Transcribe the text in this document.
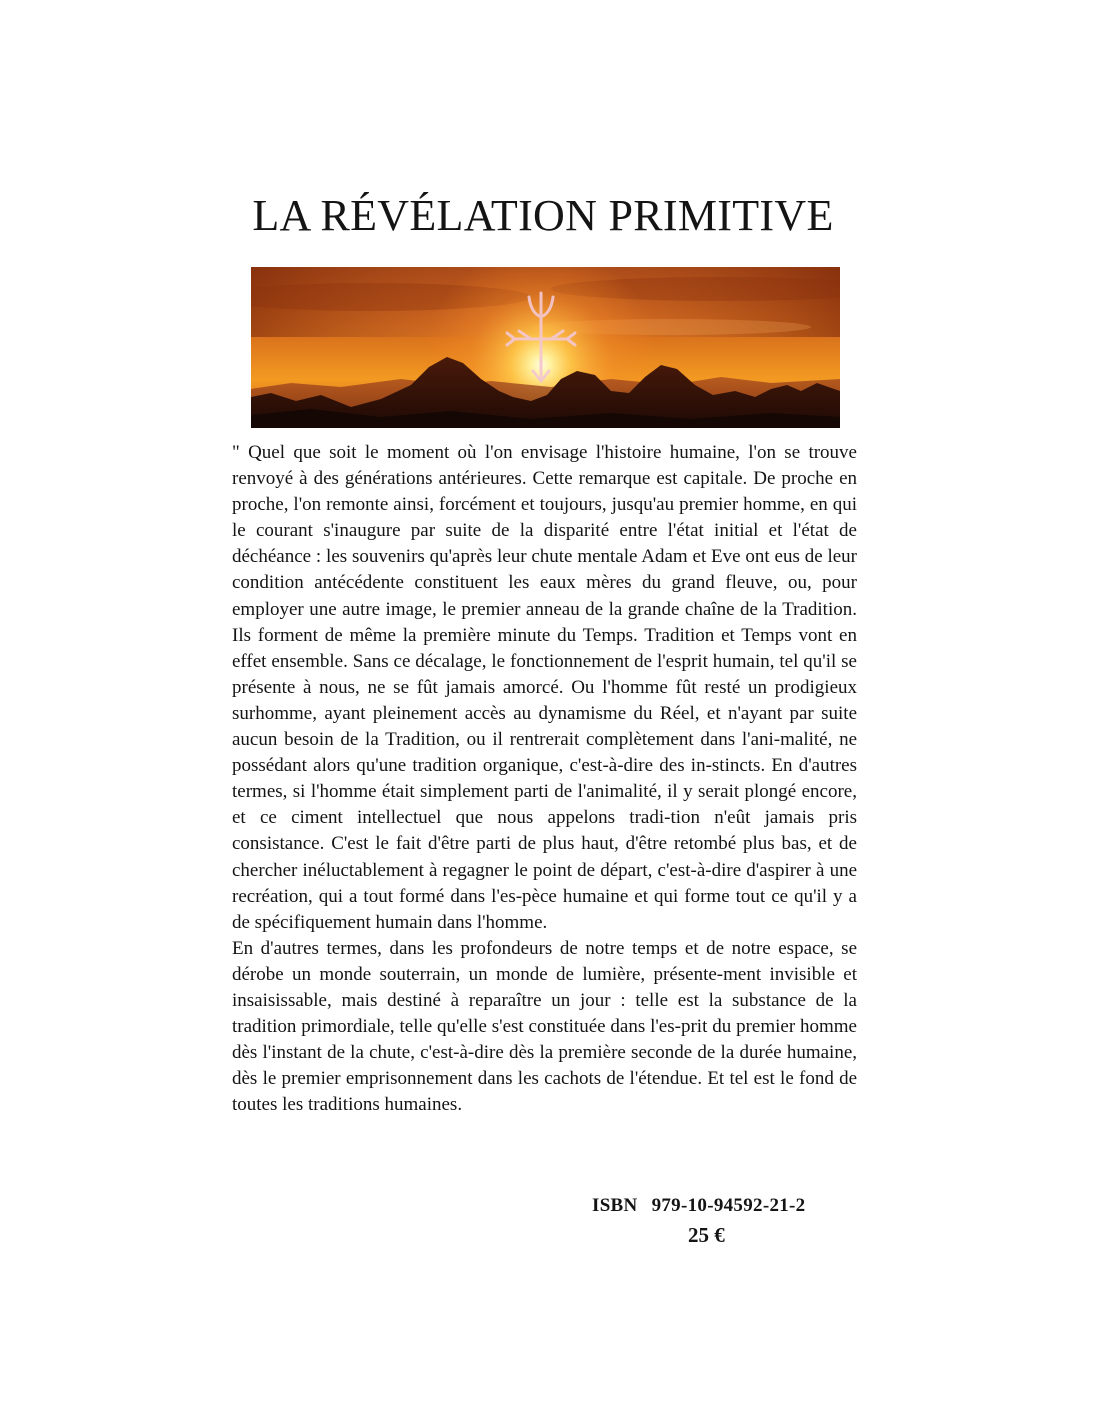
LA RÉVÉLATION PRIMITIVE

" Quel que soit le moment où l'on envisage l'histoire humaine, l'on se trouve renvoyé à des générations antérieures. Cette remarque est capitale. De proche en proche, l'on remonte ainsi, forcément et toujours, jusqu'au premier homme, en qui le courant s'inaugure par suite de la disparité entre l'état initial et l'état de déchéance : les souvenirs qu'après leur chute mentale Adam et Eve ont eus de leur condition antécédente constituent les eaux mères du grand fleuve, ou, pour employer une autre image, le premier anneau de la grande chaîne de la Tradition. Ils forment de même la première minute du Temps. Tradition et Temps vont en effet ensemble. Sans ce décalage, le fonctionnement de l'esprit humain, tel qu'il se présente à nous, ne se fût jamais amorcé. Ou l'homme fût resté un prodigieux surhomme, ayant pleinement accès au dynamisme du Réel, et n'ayant par suite aucun besoin de la Tradition, ou il rentrerait complètement dans l'ani-malité, ne possédant alors qu'une tradition organique, c'est-à-dire des in-stincts. En d'autres termes, si l'homme était simplement parti de l'animalité, il y serait plongé encore, et ce ciment intellectuel que nous appelons tradi-tion n'eût jamais pris consistance. C'est le fait d'être parti de plus haut, d'être retombé plus bas, et de chercher inéluctablement à regagner le point de départ, c'est-à-dire d'aspirer à une recréation, qui a tout formé dans l'es-pèce humaine et qui forme tout ce qu'il y a de spécifiquement humain dans l'homme.

En d'autres termes, dans les profondeurs de notre temps et de notre espace, se dérobe un monde souterrain, un monde de lumière, présente-ment invisible et insaisissable, mais destiné à reparaître un jour : telle est la substance de la tradition primordiale, telle qu'elle s'est constituée dans l'es-prit du premier homme dès l'instant de la chute, c'est-à-dire dès la première seconde de la durée humaine, dès le premier emprisonnement dans les cachots de l'étendue. Et tel est le fond de toutes les traditions humaines.

ISBN 979-10-94592-21-2
25 €
